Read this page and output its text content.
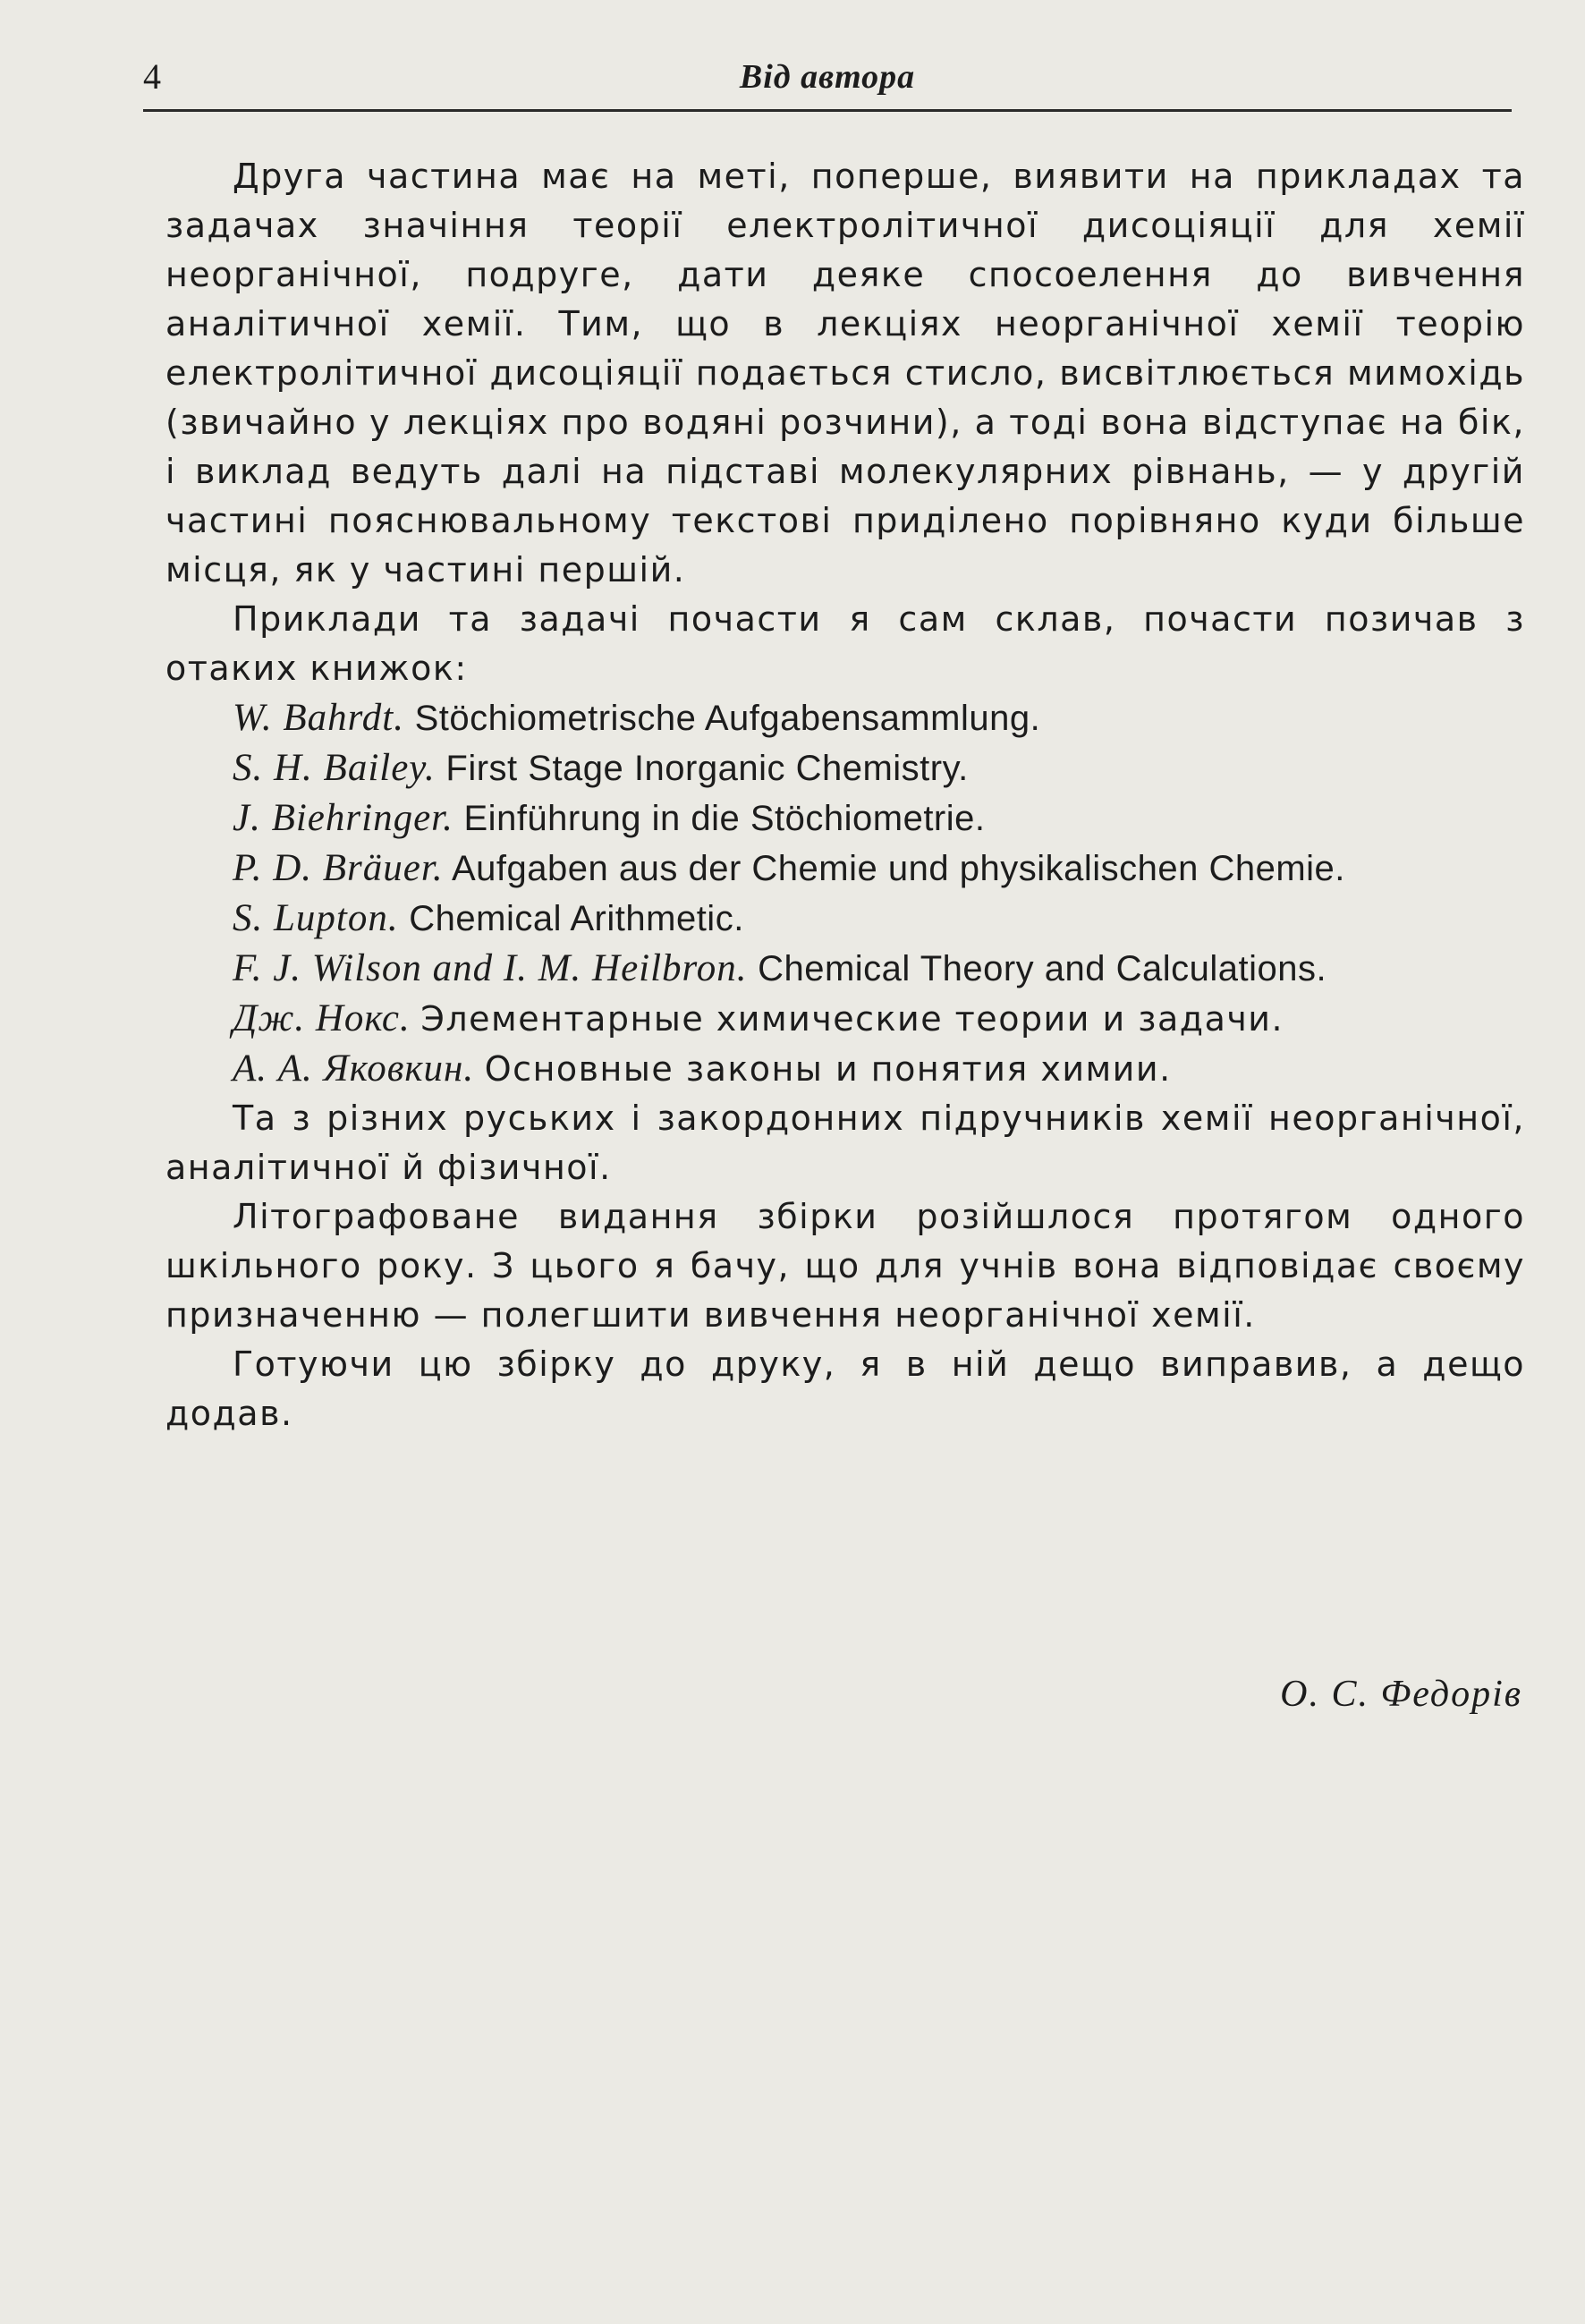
4	Від автора

Друга частина має на меті, поперше, виявити на прикладах та задачах значіння теорії електролітичної дисоціяції для хемії неорганічної, подруге, дати деяке спосоeлення до вивчення аналітичної хемії. Тим, що в лекціях неорганічної хемії теорію електролітичної дисоціяції подається стисло, висвітлюється мимохідь (звичайно у лекціях про водяні розчини), а тоді вона відступає на бік, і виклад ведуть далі на підставі молекулярних рівнань, — у другій частині пояснювальному текстові приділено порівняно куди більше місця, як у частині першій.

Приклади та задачі почасти я сам склав, почасти позичав з отаких книжок:

W. Bahrdt. Stöchiometrische Aufgabensammlung.
S. H. Bailey. First Stage Inorganic Chemistry.
J. Biehringer. Einführung in die Stöchiometrie.
P. D. Bräuer. Aufgaben aus der Chemie und physikalischen Chemie.
S. Lupton. Chemical Arithmetic.
F. J. Wilson and I. M. Heilbron. Chemical Theory and Calculations.
Дж. Нокс. Элементарные химические теории и задачи.
А. А. Яковкин. Основные законы и понятия химии.

Та з різних руських і закордонних підручників хемії неорганічної, аналітичної й фізичної.

Літографоване видання збірки розійшлося протягом одного шкільного року. З цього я бачу, що для учнів вона відповідає своєму призначенню — полегшити вивчення неорганічної хемії.

Готуючи цю збірку до друку, я в ній дещо виправив, а дещо додав.

О. С. Федорів
